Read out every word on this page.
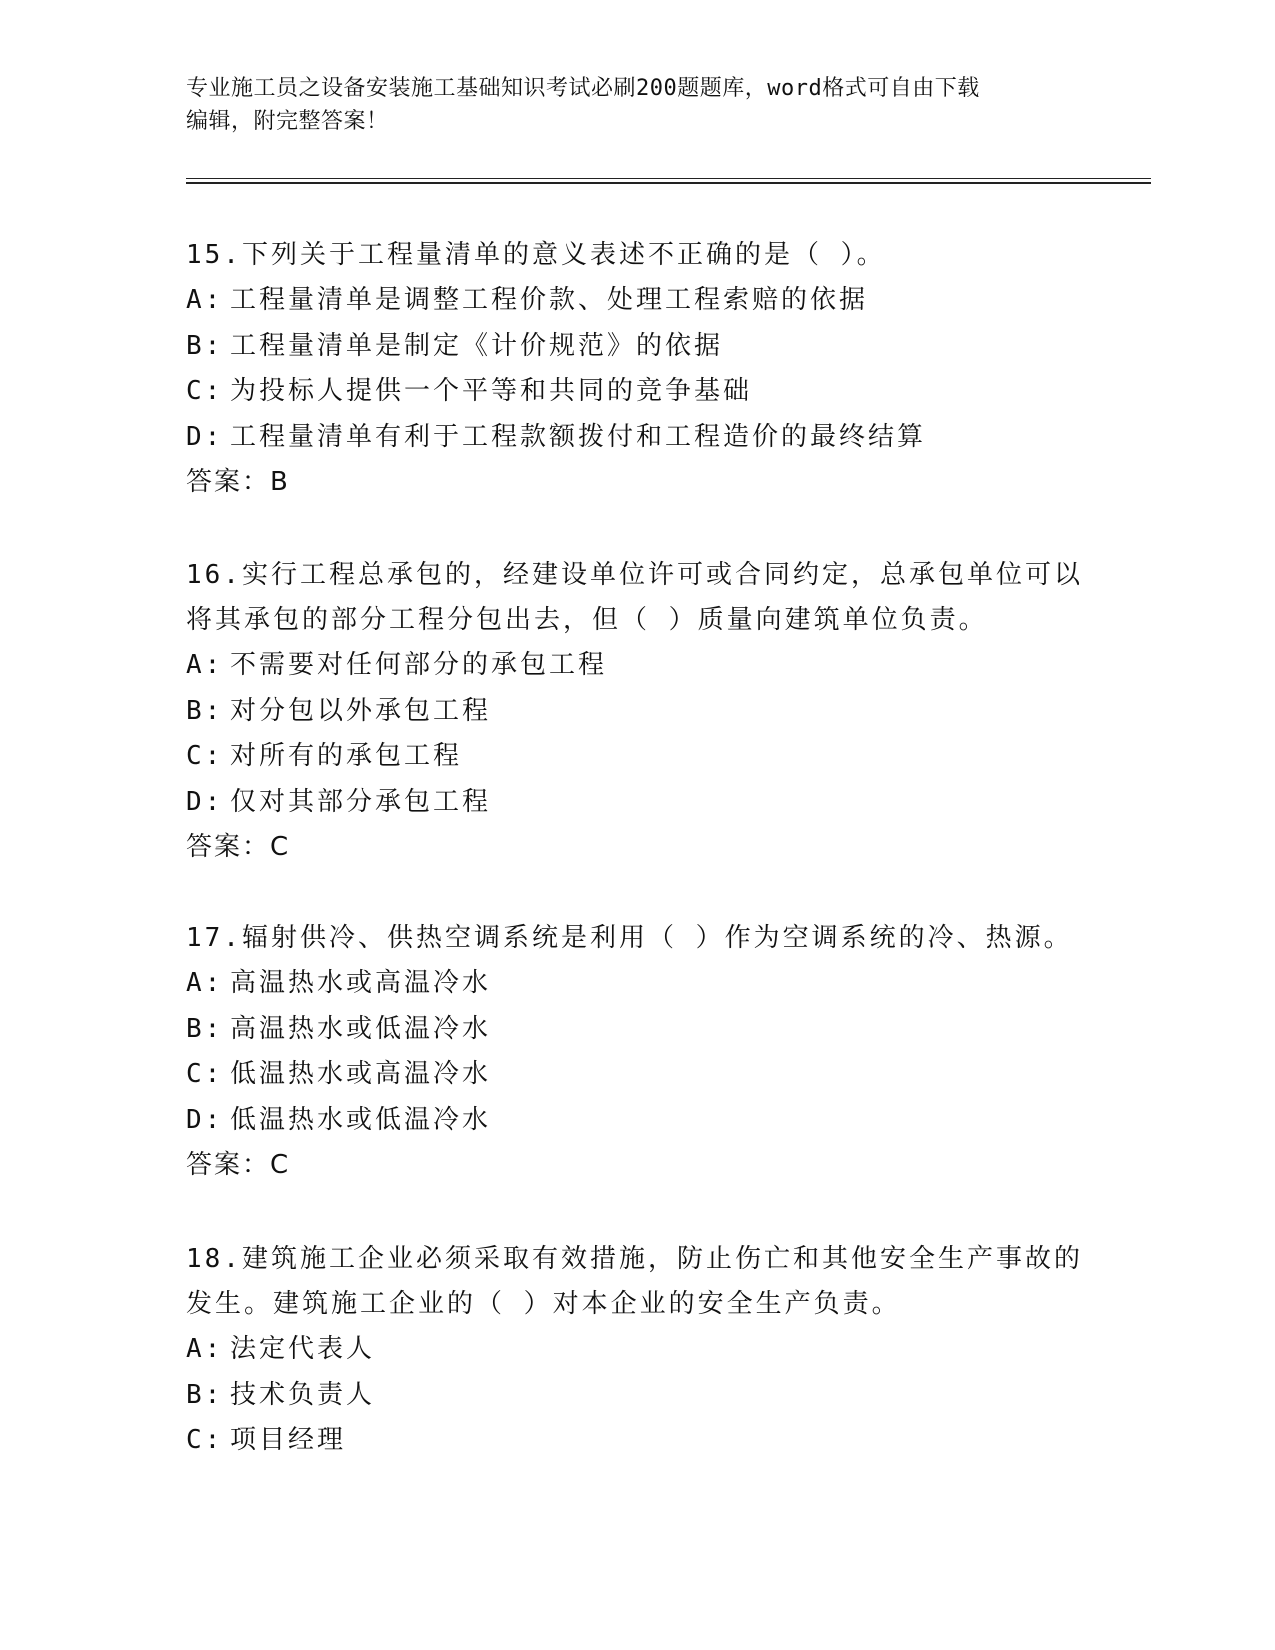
专业施工员之设备安装施工基础知识考试必刷200题题库，word格式可自由下载
编辑，附完整答案！
15.下列关于工程量清单的意义表述不正确的是（ ）。
A: 工程量清单是调整工程价款、处理工程索赔的依据
B: 工程量清单是制定《计价规范》的依据
C: 为投标人提供一个平等和共同的竞争基础
D: 工程量清单有利于工程款额拨付和工程造价的最终结算
答案：B
16.实行工程总承包的，经建设单位许可或合同约定，总承包单位可以将其承包的部分工程分包出去，但（ ）质量向建筑单位负责。
A: 不需要对任何部分的承包工程
B: 对分包以外承包工程
C: 对所有的承包工程
D: 仅对其部分承包工程
答案：C
17.辐射供冷、供热空调系统是利用（ ）作为空调系统的冷、热源。
A: 高温热水或高温冷水
B: 高温热水或低温冷水
C: 低温热水或高温冷水
D: 低温热水或低温冷水
答案：C
18.建筑施工企业必须采取有效措施，防止伤亡和其他安全生产事故的发生。建筑施工企业的（ ）对本企业的安全生产负责。
A: 法定代表人
B: 技术负责人
C: 项目经理
